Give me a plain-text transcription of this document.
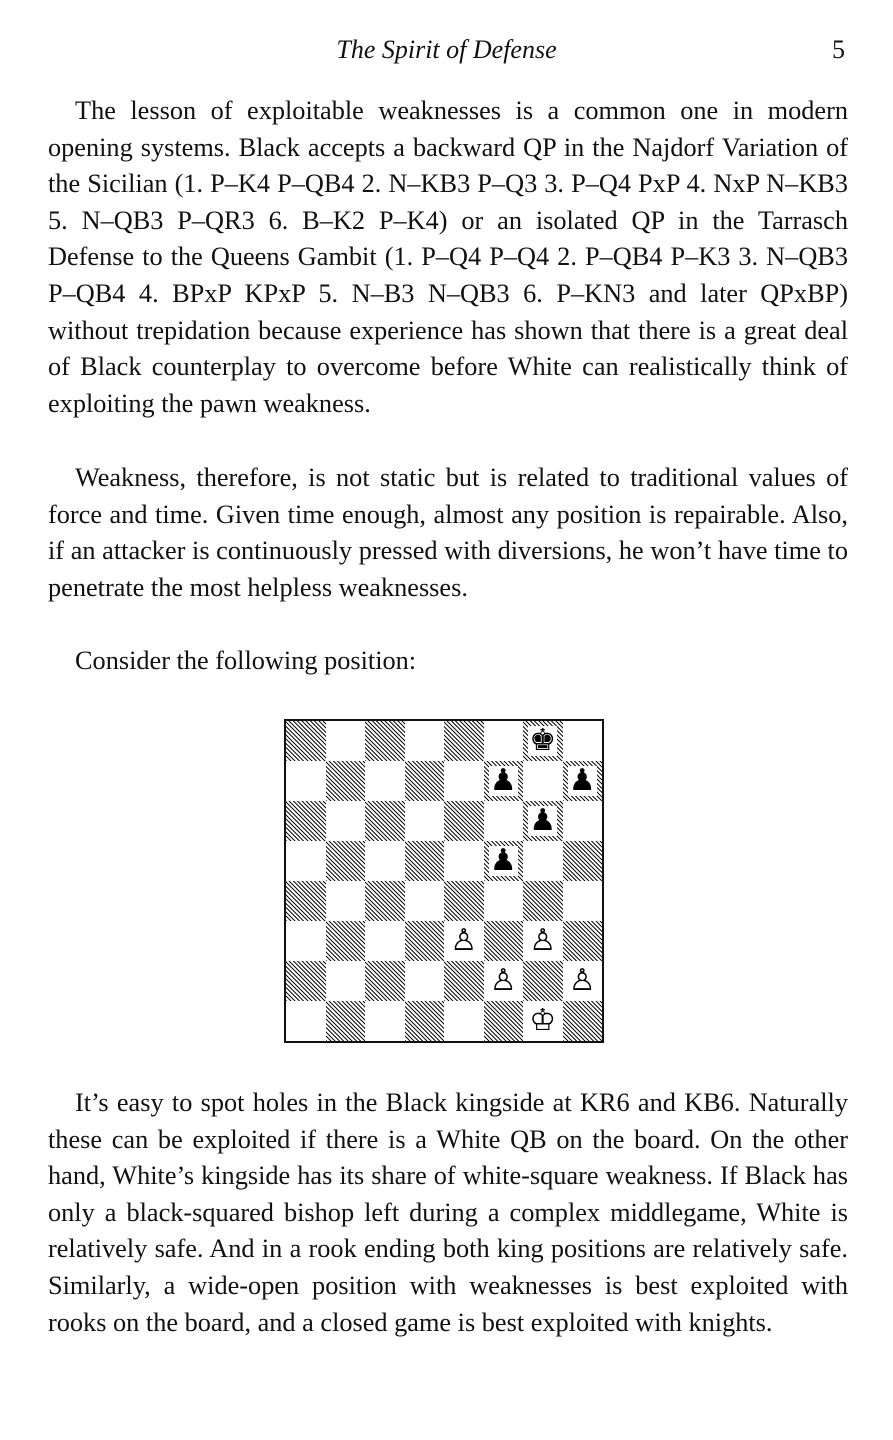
The Spirit of Defense	5

The lesson of exploitable weaknesses is a common one in modern opening systems. Black accepts a backward QP in the Najdorf Variation of the Sicilian (1. P–K4 P–QB4 2. N–KB3 P–Q3 3. P–Q4 PxP 4. NxP N–KB3 5. N–QB3 P–QR3 6. B–K2 P–K4) or an isolated QP in the Tarrasch Defense to the Queens Gambit (1. P–Q4 P–Q4 2. P–QB4 P–K3 3. N–QB3 P–QB4 4. BPxP KPxP 5. N–B3 N–QB3 6. P–KN3 and later QPxBP) without trepidation because experience has shown that there is a great deal of Black counterplay to overcome before White can realistically think of exploiting the pawn weakness.

Weakness, therefore, is not static but is related to traditional values of force and time. Given time enough, almost any position is repairable. Also, if an attacker is continuously pressed with diversions, he won’t have time to penetrate the most helpless weaknesses.

Consider the following position:

♚
♟ ♟
♟
♟
♙ ♙
♙ ♙
♔

It’s easy to spot holes in the Black kingside at KR6 and KB6. Naturally these can be exploited if there is a White QB on the board. On the other hand, White’s kingside has its share of white-square weakness. If Black has only a black-squared bishop left during a complex middlegame, White is relatively safe. And in a rook ending both king positions are relatively safe. Similarly, a wide-open position with weaknesses is best exploited with rooks on the board, and a closed game is best exploited with knights.
